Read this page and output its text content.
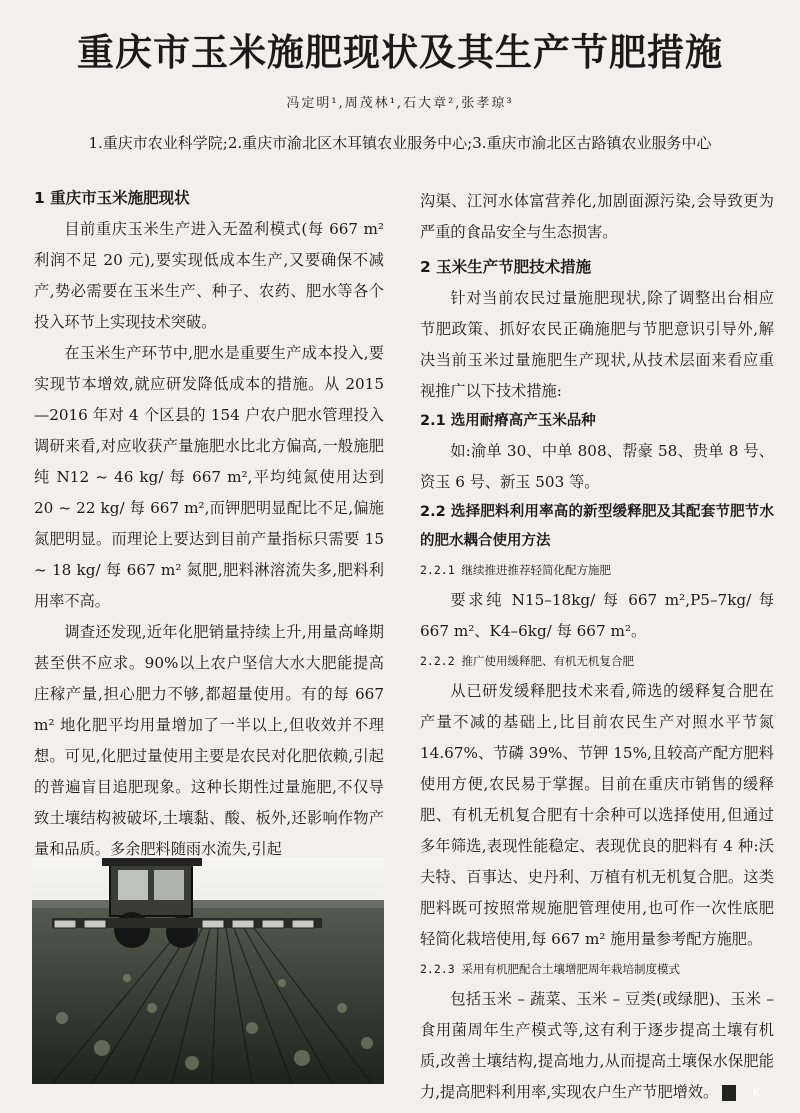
重庆市玉米施肥现状及其生产节肥措施
冯定明¹,周茂林¹,石大章²,张孝琼³
1.重庆市农业科学院;2.重庆市渝北区木耳镇农业服务中心;3.重庆市渝北区古路镇农业服务中心
1 重庆市玉米施肥现状

目前重庆玉米生产进入无盈利模式(每 667 m² 利润不足 20 元),要实现低成本生产,又要确保不减产,势必需要在玉米生产、种子、农药、肥水等各个投入环节上实现技术突破。

在玉米生产环节中,肥水是重要生产成本投入,要实现节本增效,就应研发降低成本的措施。从 2015—2016 年对 4 个区县的 154 户农户肥水管理投入调研来看,对应收获产量施肥水比北方偏高,一般施肥纯 N12 ~ 46 kg/ 每 667 m²,平均纯氮使用达到 20 ~ 22 kg/ 每 667 m²,而钾肥明显配比不足,偏施氮肥明显。而理论上要达到目前产量指标只需要 15 ~ 18 kg/ 每 667 m² 氮肥,肥料淋溶流失多,肥料利用率不高。

调查还发现,近年化肥销量持续上升,用量高峰期甚至供不应求。90%以上农户坚信大水大肥能提高庄稼产量,担心肥力不够,都超量使用。有的每 667 m² 地化肥平均用量增加了一半以上,但收效并不理想。可见,化肥过量使用主要是农民对化肥依赖,引起的普遍盲目追肥现象。这种长期性过量施肥,不仅导致土壤结构被破坏,土壤黏、酸、板外,还影响作物产量和品质。多余肥料随雨水流失,引起

沟渠、江河水体富营养化,加剧面源污染,会导致更为严重的食品安全与生态损害。

2 玉米生产节肥技术措施

针对当前农民过量施肥现状,除了调整出台相应节肥政策、抓好农民正确施肥与节肥意识引导外,解决当前玉米过量施肥生产现状,从技术层面来看应重视推广以下技术措施:

2.1 选用耐瘠高产玉米品种

如:渝单 30、中单 808、帮豪 58、贵单 8 号、资玉 6 号、新玉 503 等。

2.2 选择肥料利用率高的新型缓释肥及其配套节肥节水的肥水耦合使用方法
2.2.1 继续推进推荐轻简化配方施肥

要求纯 N15–18kg/ 每 667 m²,P5–7kg/ 每 667 m²、K4–6kg/ 每 667 m²。

2.2.2 推广使用缓释肥、有机无机复合肥

从已研发缓释肥技术来看,筛选的缓释复合肥在产量不减的基础上,比目前农民生产对照水平节氮 14.67%、节磷 39%、节钾 15%,且较高产配方肥料使用方便,农民易于掌握。目前在重庆市销售的缓释肥、有机无机复合肥有十余种可以选择使用,但通过多年筛选,表现性能稳定、表现优良的肥料有 4 种:沃夫特、百事达、史丹利、万植有机无机复合肥。这类肥料既可按照常规施肥管理使用,也可作一次性底肥轻简化栽培使用,每 667 m² 施用量参考配方施肥。

2.2.3 采用有机肥配合土壤增肥周年栽培制度模式

包括玉米 – 蔬菜、玉米 – 豆类(或绿肥)、玉米 – 食用菌周年生产模式等,这有利于逐步提高土壤有机质,改善土壤结构,提高地力,从而提高土壤保水保肥能力,提高肥料利用率,实现农户生产节肥增效。	K
